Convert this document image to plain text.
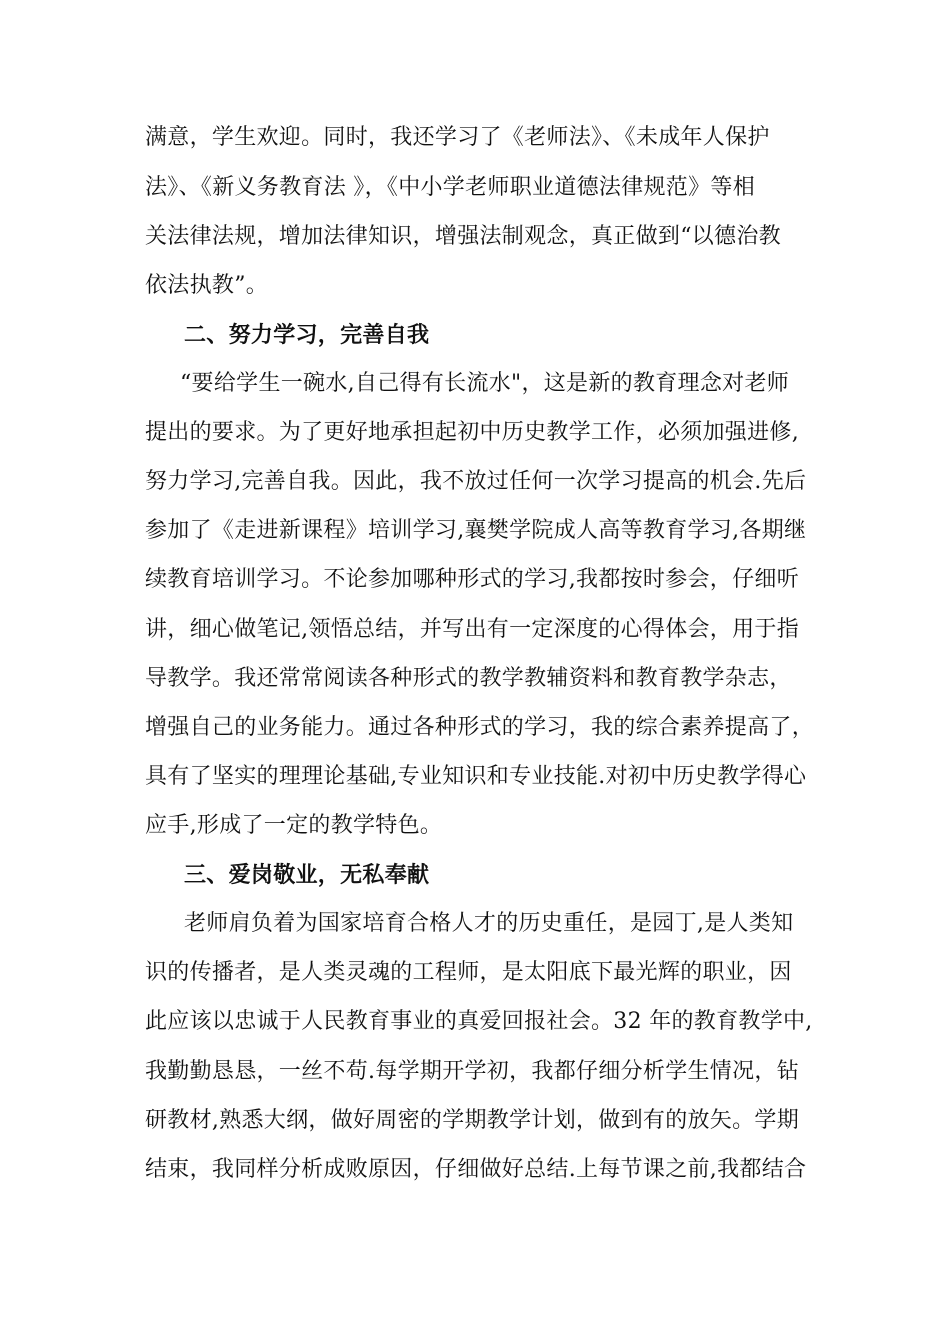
满意，学生欢迎。同时，我还学习了《老师法》、《未成年人保护
法》、《新义务教育法 》，《中小学老师职业道德法律规范》等相
关法律法规，增加法律知识，增强法制观念，真正做到“以德治教
依法执教”。
二、努力学习，完善自我
“要给学生一碗水,自己得有长流水"，这是新的教育理念对老师
提出的要求。为了更好地承担起初中历史教学工作，必须加强进修,
努力学习,完善自我。因此，我不放过任何一次学习提高的机会.先后
参加了《走进新课程》培训学习,襄樊学院成人高等教育学习,各期继
续教育培训学习。不论参加哪种形式的学习,我都按时参会，仔细听
讲，细心做笔记,领悟总结，并写出有一定深度的心得体会，用于指
导教学。我还常常阅读各种形式的教学教辅资料和教育教学杂志，
增强自己的业务能力。通过各种形式的学习，我的综合素养提高了，
具有了坚实的理理论基础,专业知识和专业技能.对初中历史教学得心
应手,形成了一定的教学特色。
三、爱岗敬业，无私奉献
老师肩负着为国家培育合格人才的历史重任，是园丁,是人类知
识的传播者，是人类灵魂的工程师，是太阳底下最光辉的职业，因
此应该以忠诚于人民教育事业的真爱回报社会。32 年的教育教学中,
我勤勤恳恳，一丝不苟.每学期开学初，我都仔细分析学生情况，钻
研教材,熟悉大纲，做好周密的学期教学计划，做到有的放矢。学期
结束，我同样分析成败原因，仔细做好总结.上每节课之前,我都结合
